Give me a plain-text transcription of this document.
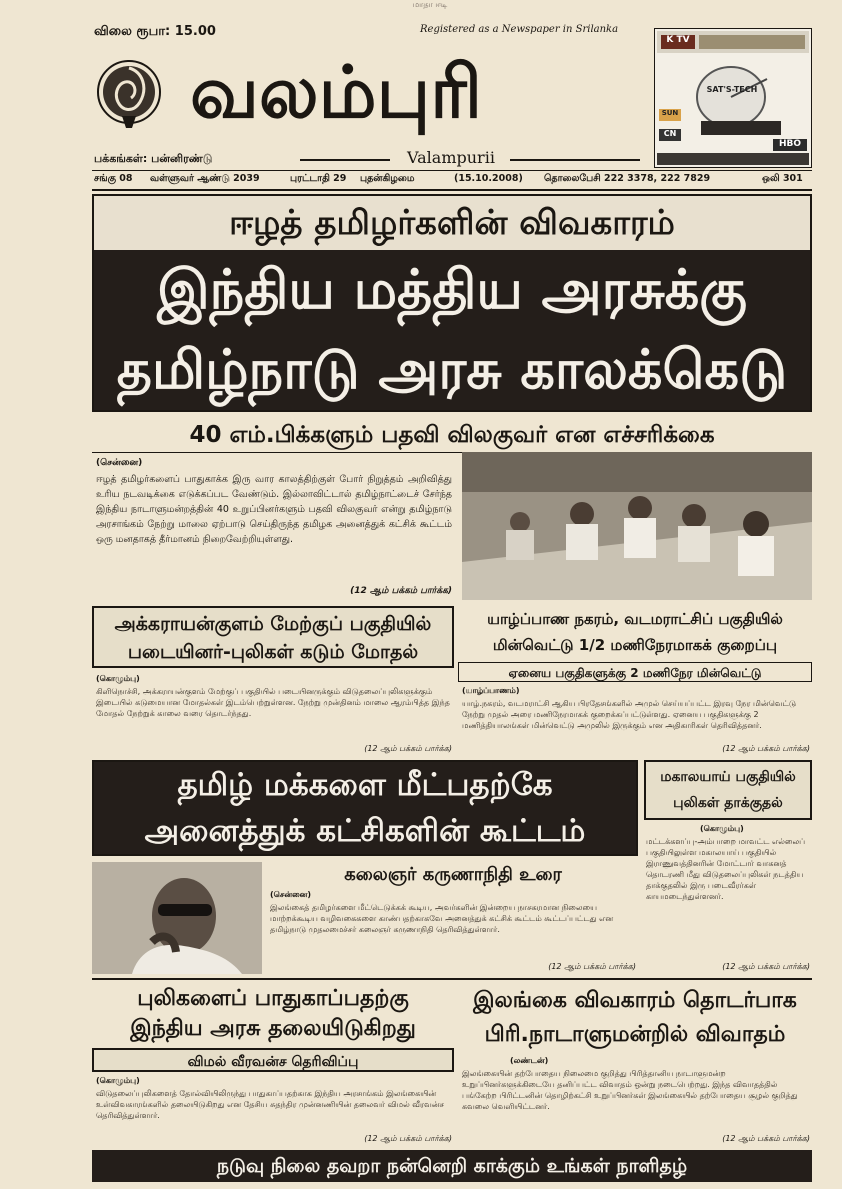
மாதா ஈடி
விலை ரூபா: 15.00	Registered as a Newspaper in Srilanka
வலம்புரி
K TV
SAT'S-TECH
HBO
CN
SUN
பக்கங்கள்: பன்னிரண்டு	Valampurii
சங்கு 08 வள்ளுவர் ஆண்டு 2039	புரட்டாதி 29 புதன்கிழமை	(15.10.2008) தொலைபேசி 222 3378, 222 7829	ஒலி 301
ஈழத் தமிழர்களின் விவகாரம்
இந்திய மத்திய அரசுக்கு
தமிழ்நாடு அரசு காலக்கெடு
40 எம்.பிக்களும் பதவி விலகுவர் என எச்சரிக்கை
(சென்னை)
ஈழத் தமிழர்களைப் பாதுகாக்க இரு வார காலத்திற்குள் போர் நிறுத்தம் அறிவித்து உரிய நடவடிக்கை எடுக்கப்பட வேண்டும். இல்லாவிட்டால் தமிழ்நாட்டைச் சேர்ந்த இந்திய நாடாளுமன்றத்தின் 40 உறுப்பினர்களும் பதவி விலகுவர் என்று தமிழ்நாடு அரசாங்கம் நேற்று மாலை ஏற்பாடு செய்திருந்த தமிழக அனைத்துக் கட்சிக் கூட்டம் ஒரு மனதாகத் தீர்மானம் நிறைவேற்றியுள்ளது.
(12 ஆம் பக்கம் பார்க்க)
அக்கராயன்குளம் மேற்குப் பகுதியில்
படையினர்-புலிகள் கடும் மோதல்
(கொழும்பு)
கிளிநொச்சி, அக்கராயன்குளம் மேற்குப் பகுதியில் படையினருக்கும் விடுதலைப்புலிகளுக்கும் இடையில் கடுமையான மோதல்கள் இடம்பெற்றுள்ளன. நேற்று முன்தினம் மாலை ஆரம்பித்த இந்த மோதல் நேற்றுக் காலை வரை தொடர்ந்தது.
(12 ஆம் பக்கம் பார்க்க)
யாழ்ப்பாண நகரம், வடமராட்சிப் பகுதியில்
மின்வெட்டு 1/2 மணிநேரமாகக் குறைப்பு
ஏனைய பகுதிகளுக்கு 2 மணிநேர மின்வெட்டு
(யாழ்ப்பாணம்)
யாழ்.நகரம், வடமராட்சி ஆகிய பிரதேசங்களில் அமுல் செய்யப்பட்ட இரவு நேர மின்வெட்டு நேற்று முதல் அரை மணிநேரமாகக் குறைக்கப்பட்டுள்ளது. ஏனைய பகுதிகளுக்கு 2 மணித்தியாலங்கள் மின்வெட்டு அமுலில் இருக்கும் என அதிகாரிகள் தெரிவித்தனர்.
(12 ஆம் பக்கம் பார்க்க)
தமிழ் மக்களை மீட்பதற்கே
அனைத்துக் கட்சிகளின் கூட்டம்
கலைஞர் கருணாநிதி உரை
(சென்னை)
இலங்கைத் தமிழர்களை மீட்டெடுக்கக் கூடிய, அவர்களின் இன்றைய நாசகரமான நிலையை மாற்றக்கூடிய வழிவகைகளை காண்பதற்காகவே அனைத்துக் கட்சிக் கூட்டம் கூட்டப்பட்டது என தமிழ்நாடு முதலமைச்சர் கலைஞர் கருணாநிதி தெரிவித்துள்ளார்.
(12 ஆம் பக்கம் பார்க்க)
மகாலயாய் பகுதியில்
புலிகள் தாக்குதல்
(கொழும்பு)
மட்டக்களப்பு-அம்பாறை மாவட்ட எல்லைப் பகுதியிலுள்ள மகாலயாய் பகுதியில் இராணுவத்தினரின் மோட்டார் வாகனத் தொடரணி மீது விடுதலைப்புலிகள் நடத்திய தாக்குதலில் இரு படைவீரர்கள் காயமடைந்துள்ளனர்.
(12 ஆம் பக்கம் பார்க்க)
புலிகளைப் பாதுகாப்பதற்கு
இந்திய அரசு தலையிடுகிறது
விமல் வீரவன்ச தெரிவிப்பு
(கொழும்பு)
விடுதலைப்புலிகளைத் தோல்வியிலிருந்து பாதுகாப்பதற்காக இந்திய அரசாங்கம் இலங்கையின் உள்விவகாரங்களில் தலையிடுகிறது என தேசிய சுதந்திர முன்னணியின் தலைவர் விமல் வீரவன்ச தெரிவித்துள்ளார்.
(12 ஆம் பக்கம் பார்க்க)
இலங்கை விவகாரம் தொடர்பாக
பிரி.நாடாளுமன்றில் விவாதம்
(லண்டன்)
இலங்கையின் தற்போதைய நிலைமை குறித்து பிரித்தானிய நாடாளுமன்ற உறுப்பினர்களுக்கிடையே தனிப்பட்ட விவாதம் ஒன்று நடைபெற்றது. இந்த விவாதத்தில் பங்கேற்ற பிரிட்டனின் தொழிற்கட்சி உறுப்பினர்கள் இலங்கையில் தற்போதைய சூழல் குறித்து கவலை வெளியிட்டனர்.
(12 ஆம் பக்கம் பார்க்க)
நடுவு நிலை தவறா நன்னெறி காக்கும் உங்கள் நாளிதழ்
